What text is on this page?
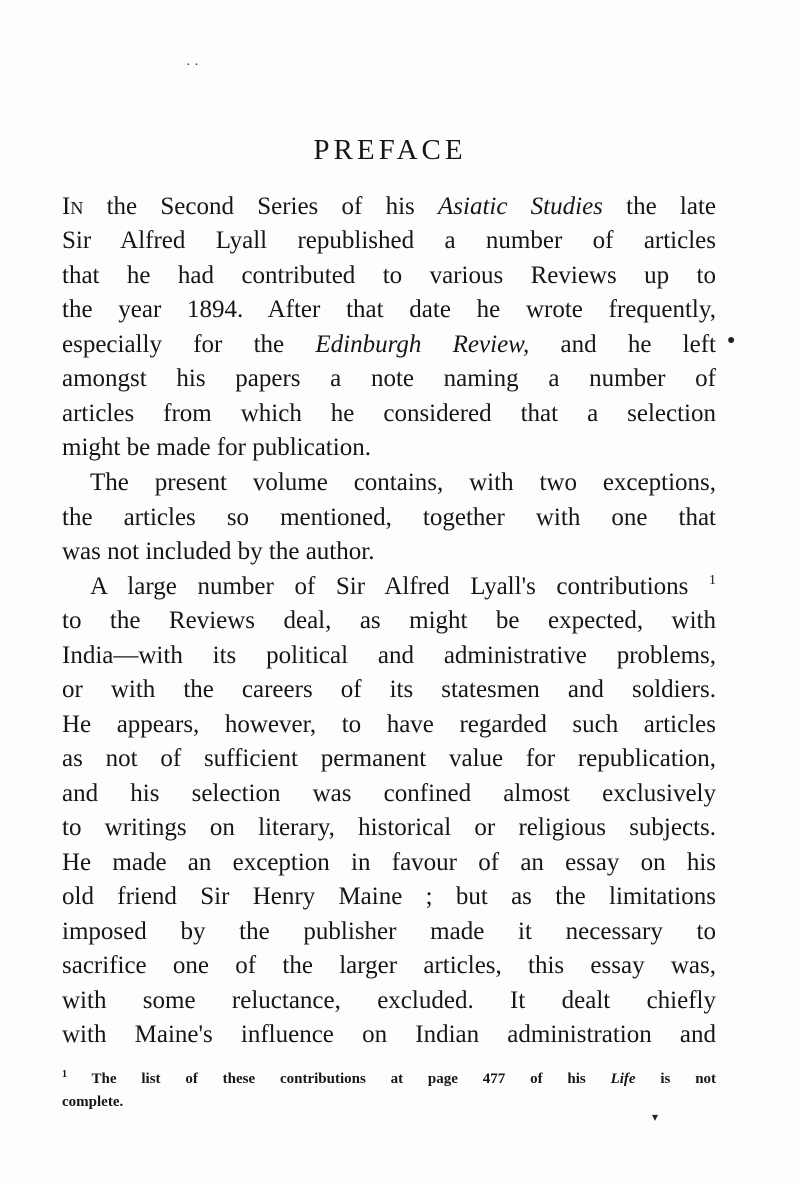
· ·
PREFACE
In the Second Series of his Asiatic Studies the late
Sir Alfred Lyall republished a number of articles
that he had contributed to various Reviews up to
the year 1894. After that date he wrote frequently,
especially for the Edinburgh Review, and he left ●
amongst his papers a note naming a number of
articles from which he considered that a selection
might be made for publication.
The present volume contains, with two exceptions,
the articles so mentioned, together with one that
was not included by the author.
A large number of Sir Alfred Lyall's contributions $^1$
to the Reviews deal, as might be expected, with
India—with its political and administrative problems,
or with the careers of its statesmen and soldiers.
He appears, however, to have regarded such articles
as not of sufficient permanent value for republication,
and his selection was confined almost exclusively
to writings on literary, historical or religious subjects.
He made an exception in favour of an essay on his
old friend Sir Henry Maine ; but as the limitations
imposed by the publisher made it necessary to
sacrifice one of the larger articles, this essay was,
with some reluctance, excluded. It dealt chiefly
with Maine's influence on Indian administration and
$^1$ The list of these contributions at page 477 of his Life is not
complete.
▾
